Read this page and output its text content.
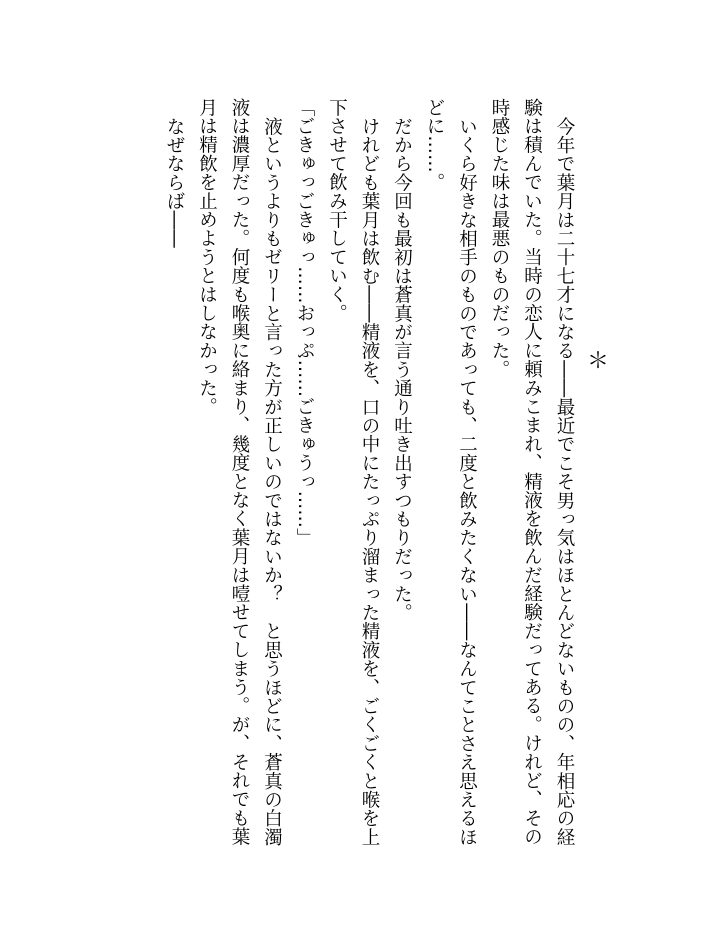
＊

今年で葉月は二十七才になる――最近でこそ男っ気はほとんどないものの、年相応の経験は積んでいた。当時の恋人に頼みこまれ、精液を飲んだ経験だってある。けれど、その時感じた味は最悪のものだった。

いくら好きな相手のものであっても、二度と飲みたくない――なんてことさえ思えるほどに……。

だから今回も最初は蒼真が言う通り吐き出すつもりだった。

けれども葉月は飲む――精液を、口の中にたっぷり溜まった精液を、ごくごくと喉を上下させて飲み干していく。

「ごきゅっごきゅっ……おっぷ……ごきゅうっ……」

液というよりもゼリーと言った方が正しいのではないか？　と思うほどに、蒼真の白濁液は濃厚だった。何度も喉奥に絡まり、幾度となく葉月は噎せてしまう。が、それでも葉月は精飲を止めようとはしなかった。

なぜならば――
